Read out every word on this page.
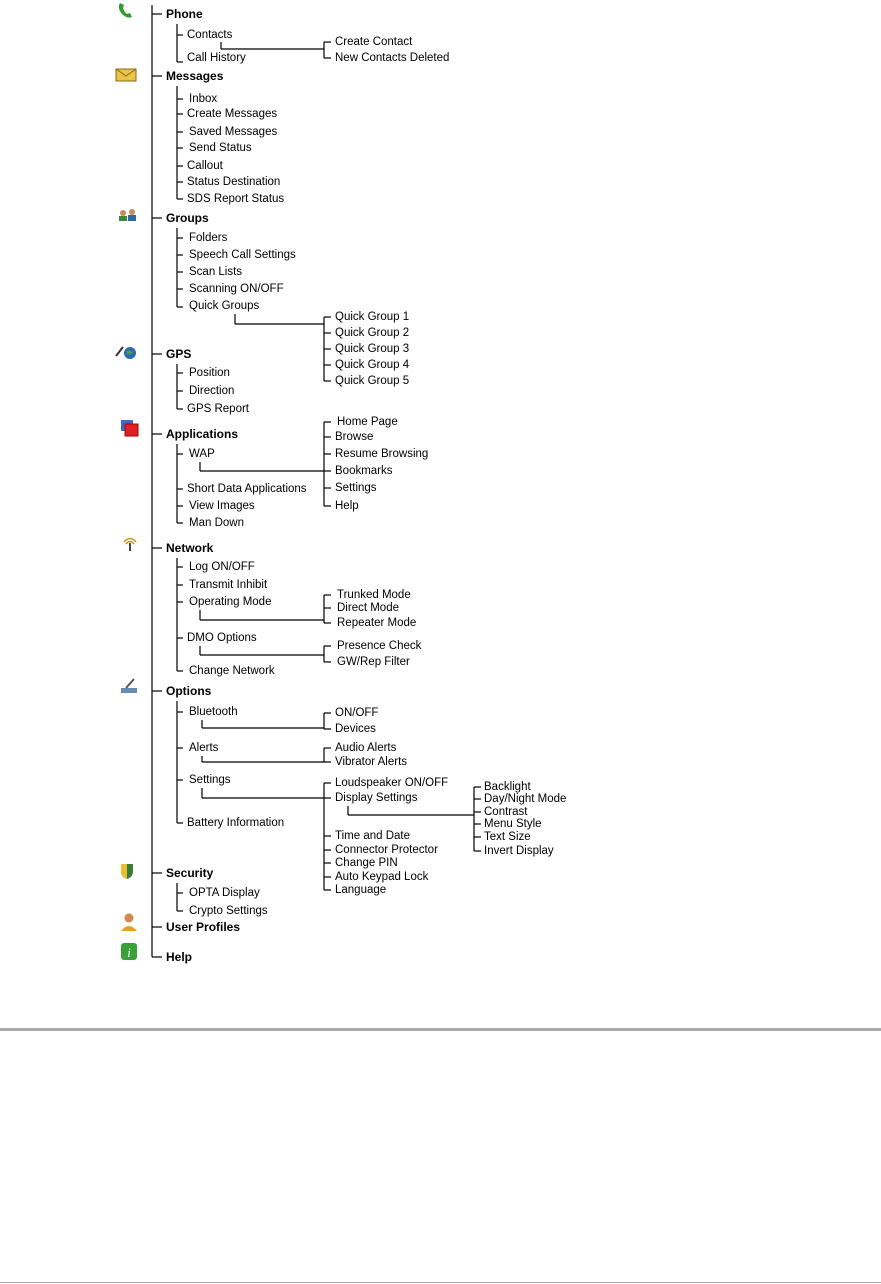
i
Phone
Messages
Groups
GPS
Applications
Network
Options
Security
User Profiles
Help
Contacts
Call History
Create Contact
New Contacts Deleted
Inbox
Create Messages
Saved Messages
Send Status
Callout
Status Destination
SDS Report Status
Folders
Speech Call Settings
Scan Lists
Scanning ON/OFF
Quick Groups
Quick Group 1
Quick Group 2
Quick Group 3
Quick Group 4
Quick Group 5
Position
Direction
GPS Report
WAP
Short Data Applications
View Images
Man Down
Home Page
Browse
Resume Browsing
Bookmarks
Settings
Help
Log ON/OFF
Transmit Inhibit
Operating Mode
DMO Options
Change Network
Trunked Mode
Direct Mode
Repeater Mode
Presence Check
GW/Rep Filter
Bluetooth
Alerts
Settings
Battery Information
ON/OFF
Devices
Audio Alerts
Vibrator Alerts
Loudspeaker ON/OFF
Display Settings
Time and Date
Connector Protector
Change PIN
Auto Keypad Lock
Language
Backlight
Day/Night Mode
Contrast
Menu Style
Text Size
Invert Display
OPTA Display
Crypto Settings
